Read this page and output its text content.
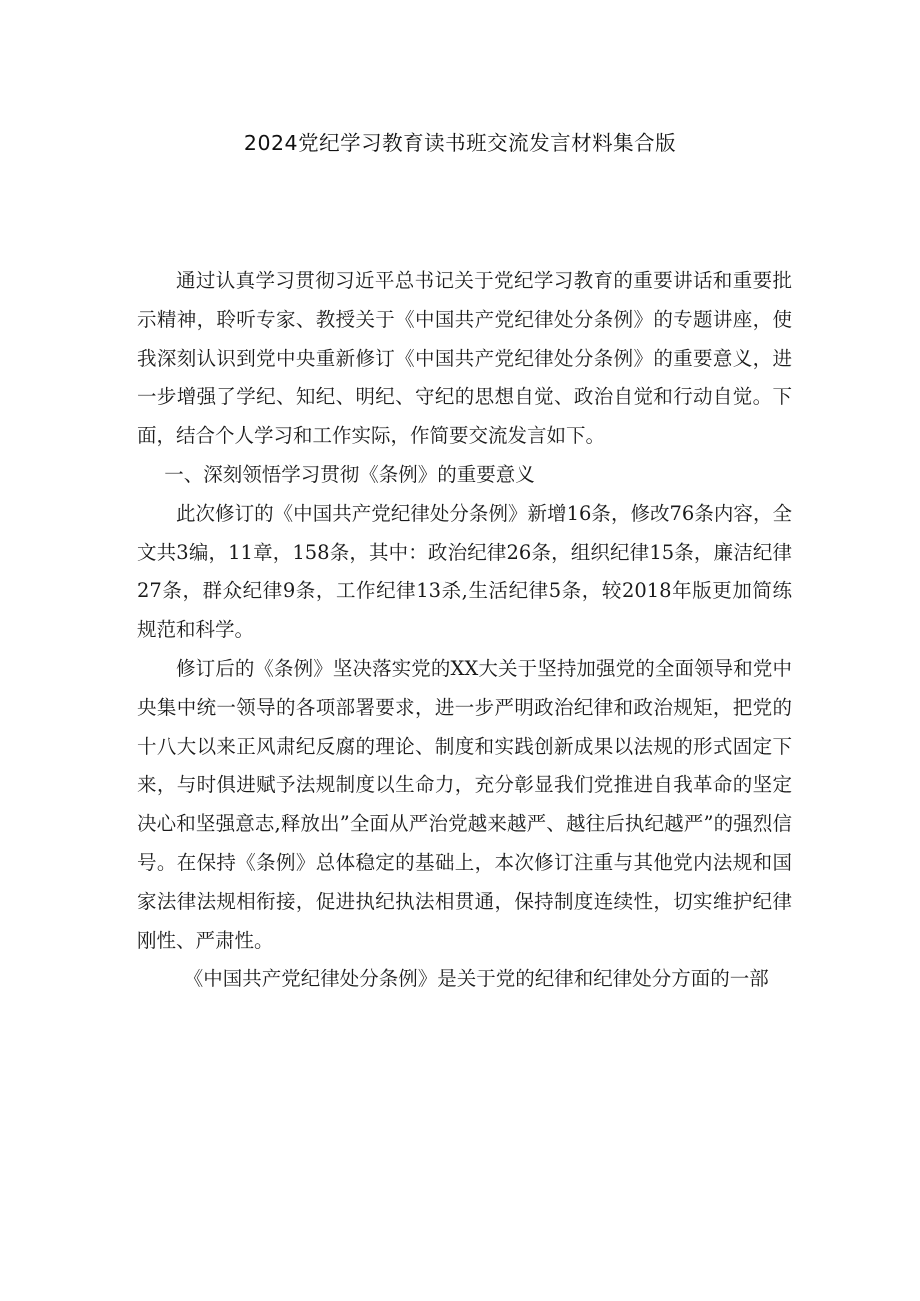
2024党纪学习教育读书班交流发言材料集合版

通过认真学习贯彻习近平总书记关于党纪学习教育的重要讲话和重要批示精神，聆听专家、教授关于《中国共产党纪律处分条例》的专题讲座，使我深刻认识到党中央重新修订《中国共产党纪律处分条例》的重要意义，进一步增强了学纪、知纪、明纪、守纪的思想自觉、政治自觉和行动自觉。下面，结合个人学习和工作实际，作简要交流发言如下。

一、深刻领悟学习贯彻《条例》的重要意义

此次修订的《中国共产党纪律处分条例》新增16条，修改76条内容，全文共3编，11章，158条，其中：政治纪律26条，组织纪律15条，廉洁纪律27条，群众纪律9条，工作纪律13杀,生活纪律5条，较2018年版更加简练规范和科学。

修订后的《条例》坚决落实党的XX大关于坚持加强党的全面领导和党中央集中统一领导的各项部署要求，进一步严明政治纪律和政治规矩，把党的十八大以来正风肃纪反腐的理论、制度和实践创新成果以法规的形式固定下来，与时俱进赋予法规制度以生命力，充分彰显我们党推进自我革命的坚定决心和坚强意志,释放出”全面从严治党越来越严、越往后执纪越严”的强烈信号。在保持《条例》总体稳定的基础上，本次修订注重与其他党内法规和国家法律法规相衔接，促进执纪执法相贯通，保持制度连续性，切实维护纪律刚性、严肃性。

《中国共产党纪律处分条例》是关于党的纪律和纪律处分方面的一部
